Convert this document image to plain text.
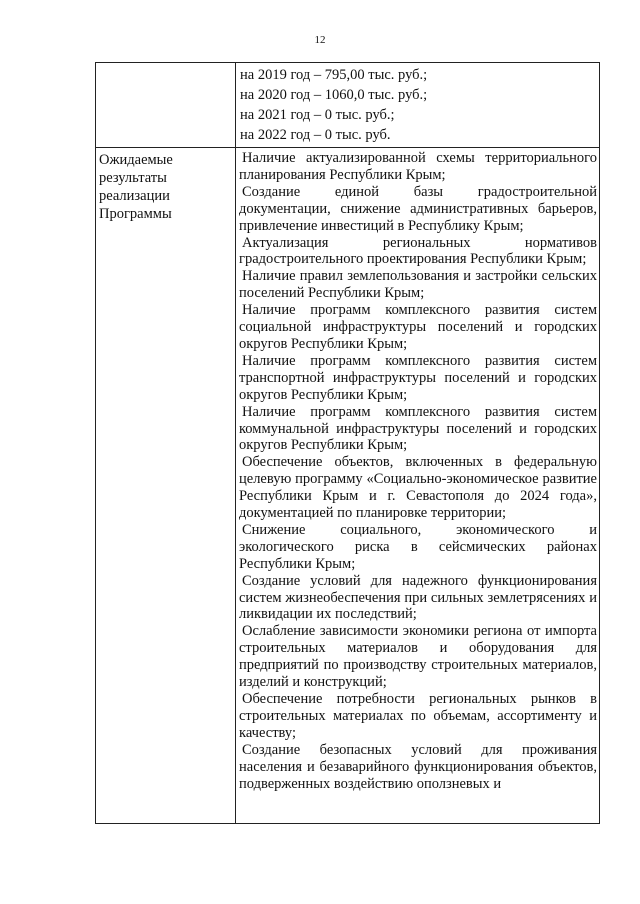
12
на 2019 год – 795,00 тыс. руб.;
на 2020 год – 1060,0 тыс. руб.;
на 2021 год – 0 тыс. руб.;
на 2022 год – 0 тыс. руб.
Ожидаемые
результаты
реализации
Программы

Наличие актуализированной схемы территориального планирования Республики Крым;

Создание единой базы градостроительной документации, снижение административных барьеров, привлечение инвестиций в Республику Крым;

Актуализация региональных нормативов градостроительного проектирования Республики Крым;

Наличие правил землепользования и застройки сельских поселений Республики Крым;

Наличие программ комплексного развития систем социальной инфраструктуры поселений и городских округов Республики Крым;

Наличие программ комплексного развития систем транспортной инфраструктуры поселений и городских округов Республики Крым;

Наличие программ комплексного развития систем коммунальной инфраструктуры поселений и городских округов Республики Крым;

Обеспечение объектов, включенных в федеральную целевую программу «Социально-экономическое развитие Республики Крым и г. Севастополя до 2024 года», документацией по планировке территории;

Снижение социального, экономического и экологического риска в сейсмических районах Республики Крым;

Создание условий для надежного функционирования систем жизнеобеспечения при сильных землетрясениях и ликвидации их последствий;

Ослабление зависимости экономики региона от импорта строительных материалов и оборудования для предприятий по производству строительных материалов, изделий и конструкций;

Обеспечение потребности региональных рынков в строительных материалах по объемам, ассортименту и качеству;

Создание безопасных условий для проживания населения и безаварийного функционирования объектов, подверженных воздействию оползневых и
